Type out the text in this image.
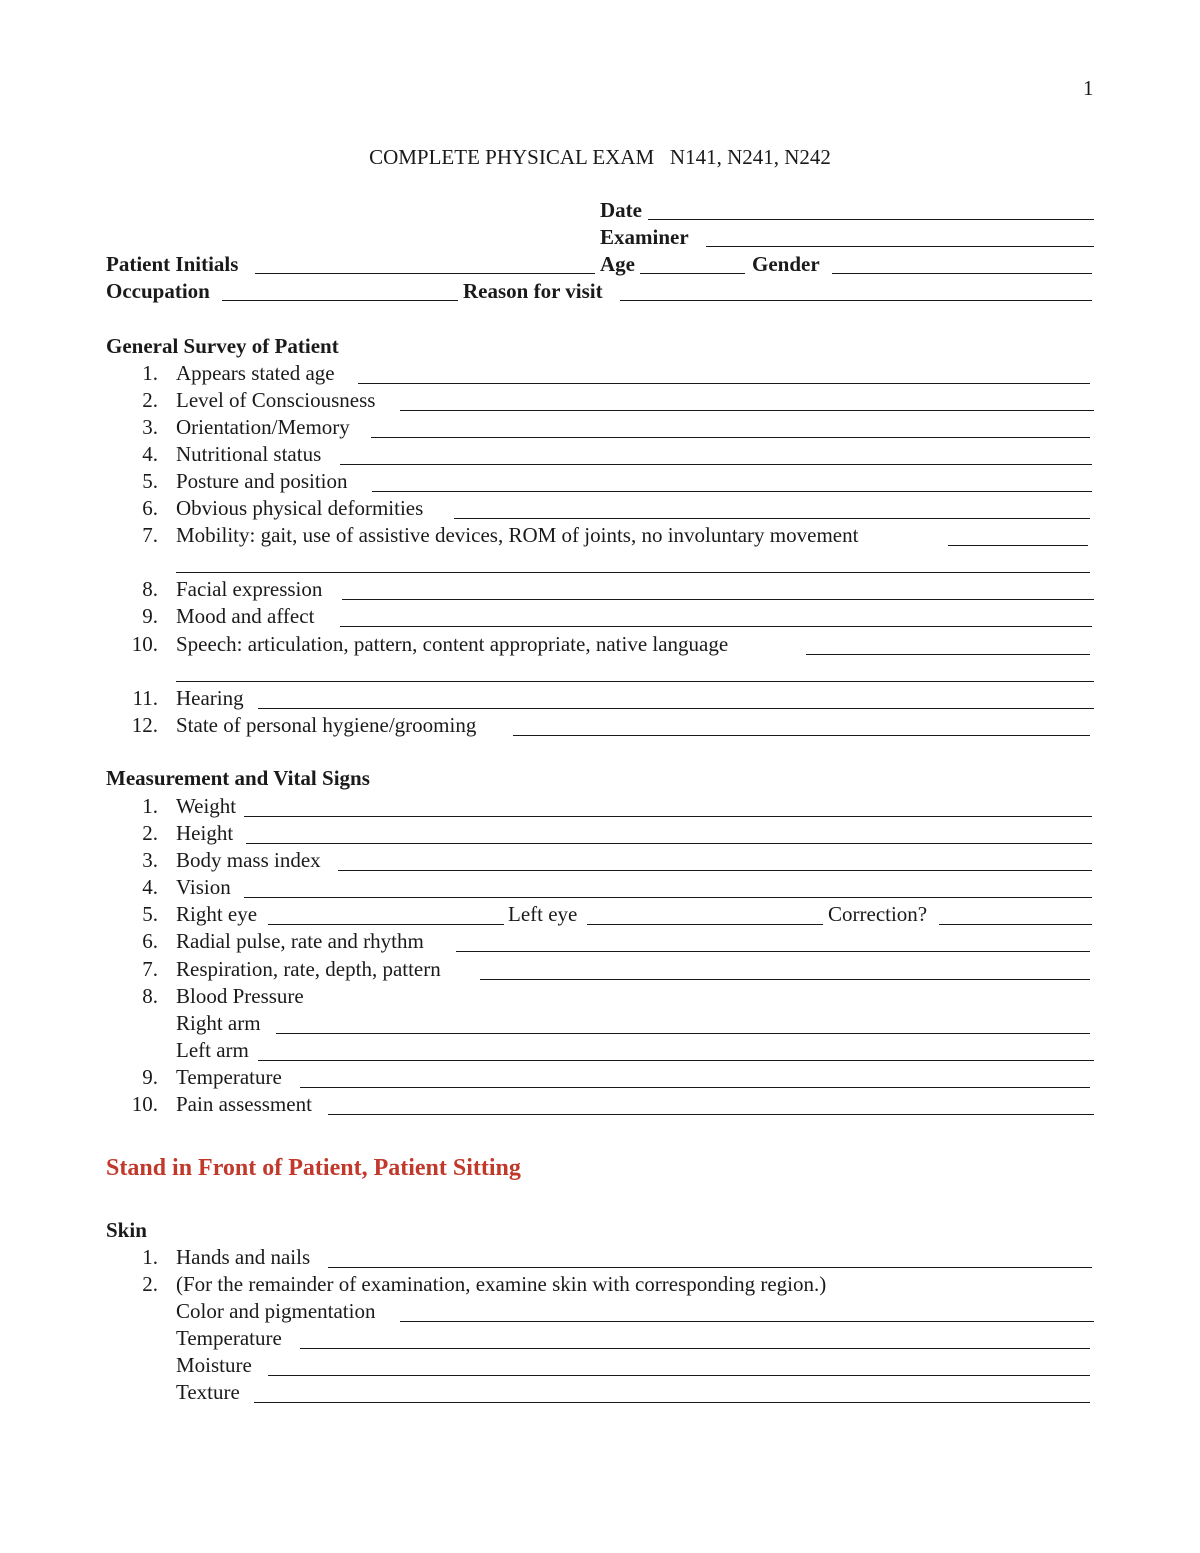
1
COMPLETE PHYSICAL EXAM   N141, N241, N242
Date
Examiner
Patient Initials	Age	Gender
Occupation	Reason for visit
General Survey of Patient
1. Appears stated age
2. Level of Consciousness
3. Orientation/Memory
4. Nutritional status
5. Posture and position
6. Obvious physical deformities
7. Mobility: gait, use of assistive devices, ROM of joints, no involuntary movement
8. Facial expression
9. Mood and affect
10. Speech: articulation, pattern, content appropriate, native language
11. Hearing
12. State of personal hygiene/grooming
Measurement and Vital Signs
1. Weight
2. Height
3. Body mass index
4. Vision
5. Right eye	Left eye	Correction?
6. Radial pulse, rate and rhythm
7. Respiration, rate, depth, pattern
8. Blood Pressure
Right arm
Left arm
9. Temperature
10. Pain assessment
Stand in Front of Patient, Patient Sitting
Skin
1. Hands and nails
2. (For the remainder of examination, examine skin with corresponding region.)
Color and pigmentation
Temperature
Moisture
Texture
